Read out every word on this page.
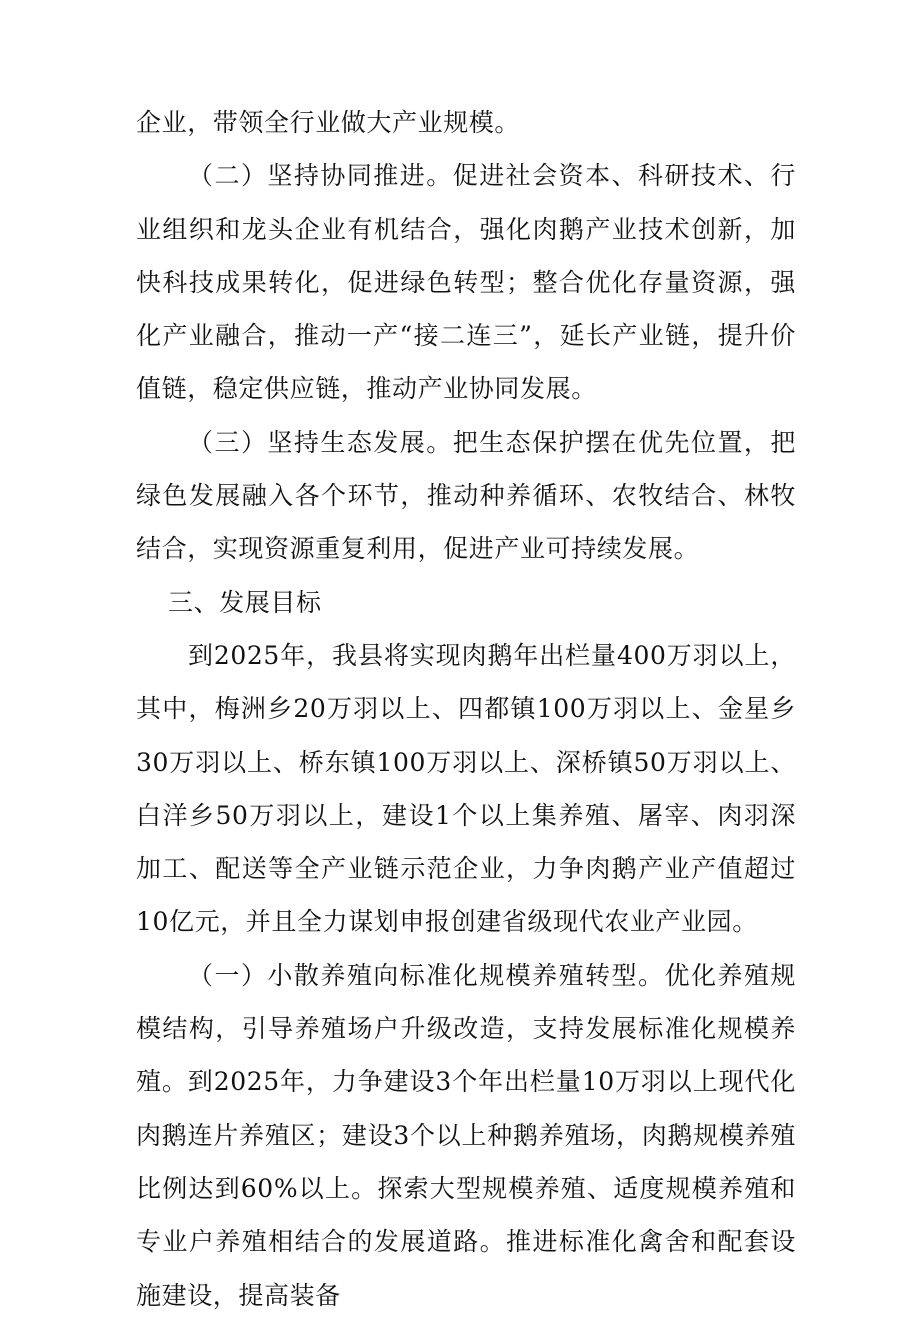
企业，带领全行业做大产业规模。

（二）坚持协同推进。促进社会资本、科研技术、行业组织和龙头企业有机结合，强化肉鹅产业技术创新，加快科技成果转化，促进绿色转型；整合优化存量资源，强化产业融合，推动一产“接二连三”，延长产业链，提升价值链，稳定供应链，推动产业协同发展。

（三）坚持生态发展。把生态保护摆在优先位置，把绿色发展融入各个环节，推动种养循环、农牧结合、林牧结合，实现资源重复利用，促进产业可持续发展。

三、发展目标

到2025年，我县将实现肉鹅年出栏量400万羽以上，其中，梅洲乡20万羽以上、四都镇100万羽以上、金星乡30万羽以上、桥东镇100万羽以上、深桥镇50万羽以上、白洋乡50万羽以上，建设1个以上集养殖、屠宰、肉羽深加工、配送等全产业链示范企业，力争肉鹅产业产值超过10亿元，并且全力谋划申报创建省级现代农业产业园。

（一）小散养殖向标准化规模养殖转型。优化养殖规模结构，引导养殖场户升级改造，支持发展标准化规模养殖。到2025年，力争建设3个年出栏量10万羽以上现代化肉鹅连片养殖区；建设3个以上种鹅养殖场，肉鹅规模养殖比例达到60%以上。探索大型规模养殖、适度规模养殖和专业户养殖相结合的发展道路。推进标准化禽舍和配套设施建设，提高装备
